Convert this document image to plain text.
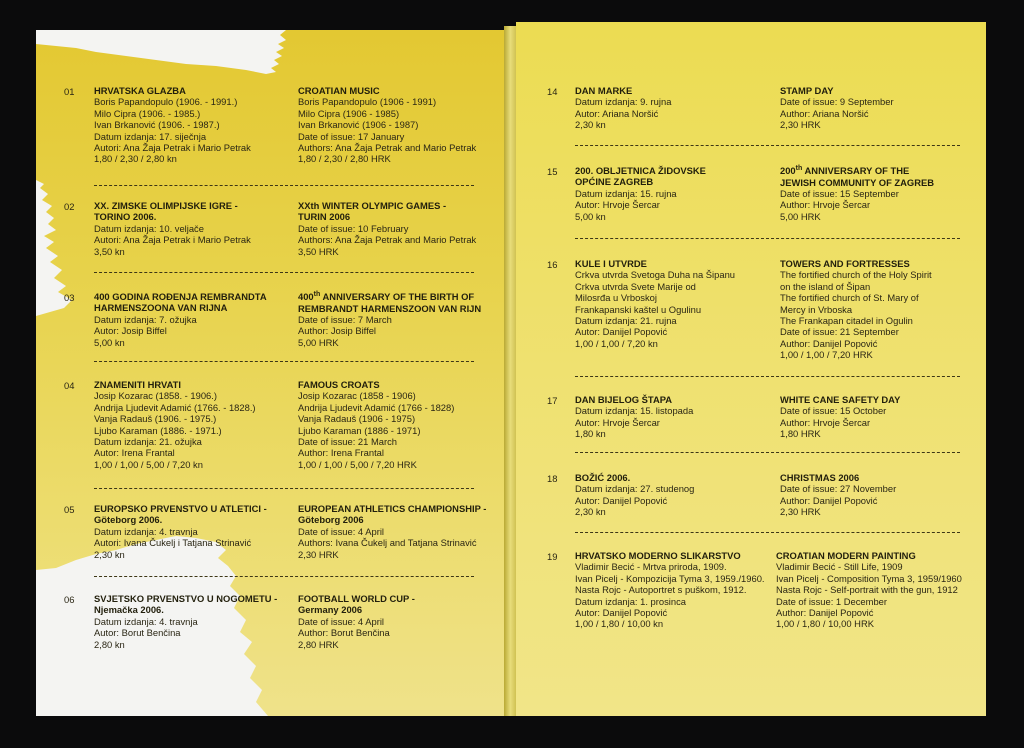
01 HRVATSKA GLAZBA
Boris Papandopulo (1906. - 1991.)
Milo Cipra (1906. - 1985.)
Ivan Brkanović (1906. - 1987.)
Datum izdanja: 17. siječnja
Autori: Ana Žaja Petrak i Mario Petrak
1,80 / 2,30 / 2,80 kn
CROATIAN MUSIC
Boris Papandopulo (1906 - 1991)
Milo Cipra (1906 - 1985)
Ivan Brkanović (1906 - 1987)
Date of issue: 17 January
Authors: Ana Žaja Petrak and Mario Petrak
1,80 / 2,30 / 2,80 HRK
02 XX. ZIMSKE OLIMPIJSKE IGRE -
TORINO 2006.
Datum izdanja: 10. veljače
Autori: Ana Žaja Petrak i Mario Petrak
3,50 kn
XXth WINTER OLYMPIC GAMES -
TURIN 2006
Date of issue: 10 February
Authors: Ana Žaja Petrak and Mario Petrak
3,50 HRK
03 400 GODINA ROĐENJA REMBRANDTA
HARMENSZOONA VAN RIJNA
Datum izdanja: 7. ožujka
Autor: Josip Biffel
5,00 kn
400th ANNIVERSARY OF THE BIRTH OF
REMBRANDT HARMENSZOON VAN RIJN
Date of issue: 7 March
Author: Josip Biffel
5,00 HRK
04 ZNAMENITI HRVATI
Josip Kozarac (1858. - 1906.)
Andrija Ljudevit Adamić (1766. - 1828.)
Vanja Radauš (1906. - 1975.)
Ljubo Karaman (1886. - 1971.)
Datum izdanja: 21. ožujka
Autor: Irena Frantal
1,00 / 1,00 / 5,00 / 7,20 kn
FAMOUS CROATS
Josip Kozarac (1858 - 1906)
Andrija Ljudevit Adamić (1766 - 1828)
Vanja Radauš (1906 - 1975)
Ljubo Karaman (1886 - 1971)
Date of issue: 21 March
Author: Irena Frantal
1,00 / 1,00 / 5,00 / 7,20 HRK
05 EUROPSKO PRVENSTVO U ATLETICI -
Göteborg 2006.
Datum izdanja: 4. travnja
Autori: Ivana Čukelj i Tatjana Strinavić
2,30 kn
EUROPEAN ATHLETICS CHAMPIONSHIP -
Göteborg 2006
Date of issue: 4 April
Authors: Ivana Čukelj and Tatjana Strinavić
2,30 HRK
06 SVJETSKO PRVENSTVO U NOGOMETU -
Njemačka 2006.
Datum izdanja: 4. travnja
Autor: Borut Benčina
2,80 kn
FOOTBALL WORLD CUP -
Germany 2006
Date of issue: 4 April
Author: Borut Benčina
2,80 HRK
14 DAN MARKE
Datum izdanja: 9. rujna
Autor: Ariana Noršić
2,30 kn
STAMP DAY
Date of issue: 9 September
Author: Ariana Noršić
2,30 HRK
15 200. OBLJETNICA ŽIDOVSKE
OPĆINE ZAGREB
Datum izdanja: 15. rujna
Autor: Hrvoje Šercar
5,00 kn
200th ANNIVERSARY OF THE
JEWISH COMMUNITY OF ZAGREB
Date of issue: 15 September
Author: Hrvoje Šercar
5,00 HRK
16 KULE I UTVRDE
Crkva utvrda Svetoga Duha na Šipanu
Crkva utvrda Svete Marije od
Milosrđa u Vrboskoj
Frankapanski kaštel u Ogulinu
Datum izdanja: 21. rujna
Autor: Danijel Popović
1,00 / 1,00 / 7,20 kn
TOWERS AND FORTRESSES
The fortified church of the Holy Spirit
on the island of Šipan
The fortified church of St. Mary of
Mercy in Vrboska
The Frankapan citadel in Ogulin
Date of issue: 21 September
Author: Danijel Popović
1,00 / 1,00 / 7,20 HRK
17 DAN BIJELOG ŠTAPA
Datum izdanja: 15. listopada
Autor: Hrvoje Šercar
1,80 kn
WHITE CANE SAFETY DAY
Date of issue: 15 October
Author: Hrvoje Šercar
1,80 HRK
18 BOŽIĆ 2006.
Datum izdanja: 27. studenog
Autor: Danijel Popović
2,30 kn
CHRISTMAS 2006
Date of issue: 27 November
Author: Danijel Popović
2,30 HRK
19 HRVATSKO MODERNO SLIKARSTVO
Vladimir Becić - Mrtva priroda, 1909.
Ivan Picelj - Kompozicija Tyma 3, 1959./1960.
Nasta Rojc - Autoportret s puškom, 1912.
Datum izdanja: 1. prosinca
Autor: Danijel Popović
1,00 / 1,80 / 10,00 kn
CROATIAN MODERN PAINTING
Vladimir Becić - Still Life, 1909
Ivan Picelj - Composition Tyma 3, 1959/1960
Nasta Rojc - Self-portrait with the gun, 1912
Date of issue: 1 December
Author: Danijel Popović
1,00 / 1,80 / 10,00 HRK
